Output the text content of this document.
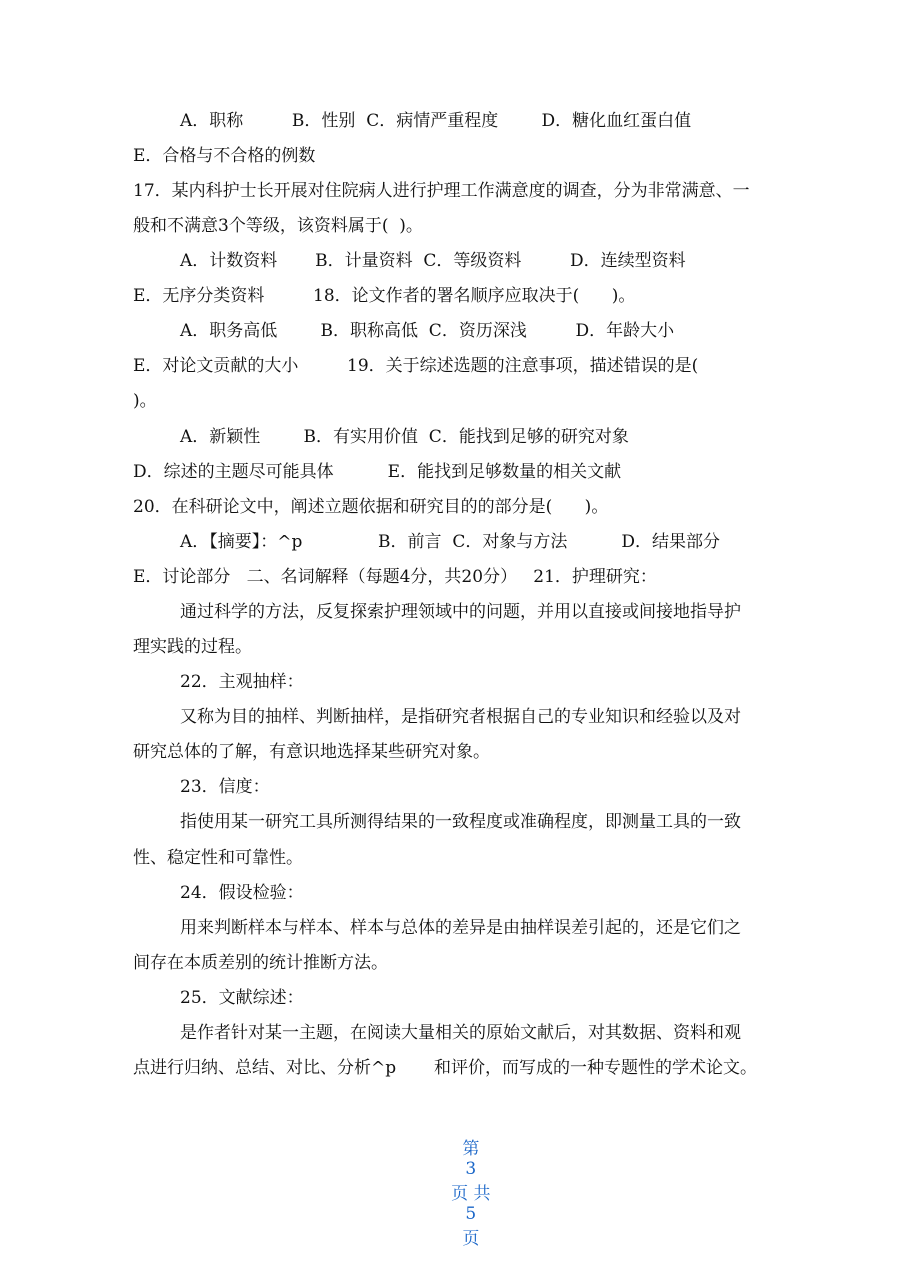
A．职称         B．性别  C．病情严重程度        D．糖化血红蛋白值
E．合格与不合格的例数
17．某内科护士长开展对住院病人进行护理工作满意度的调查，分为非常满意、一
般和不满意3个等级，该资料属于(  )。
A．计数资料       B．计量资料  C．等级资料         D．连续型资料
E．无序分类资料         18．论文作者的署名顺序应取决于(      )。
A．职务高低        B．职称高低  C．资历深浅         D．年龄大小
E．对论文贡献的大小         19．关于综述选题的注意事项，描述错误的是(
)。
A．新颖性        B．有实用价值  C．能找到足够的研究对象
D．综述的主题尽可能具体          E．能找到足够数量的相关文献
20．在科研论文中，阐述立题依据和研究目的的部分是(      )。
A．【摘要】：^p              B．前言  C．对象与方法          D．结果部分
E．讨论部分   二、名词解释（每题4分，共20分）   21．护理研究：
通过科学的方法，反复探索护理领域中的问题，并用以直接或间接地指导护
理实践的过程。
22．主观抽样：
又称为目的抽样、判断抽样，是指研究者根据自己的专业知识和经验以及对
研究总体的了解，有意识地选择某些研究对象。
23．信度：
指使用某一研究工具所测得结果的一致程度或准确程度，即测量工具的一致
性、稳定性和可靠性。
24．假设检验：
用来判断样本与样本、样本与总体的差异是由抽样误差引起的，还是它们之
间存在本质差别的统计推断方法。
25．文献综述：
是作者针对某一主题，在阅读大量相关的原始文献后，对其数据、资料和观
点进行归纳、总结、对比、分析^p       和评价，而写成的一种专题性的学术论文。

第
3
页 共
5
页
